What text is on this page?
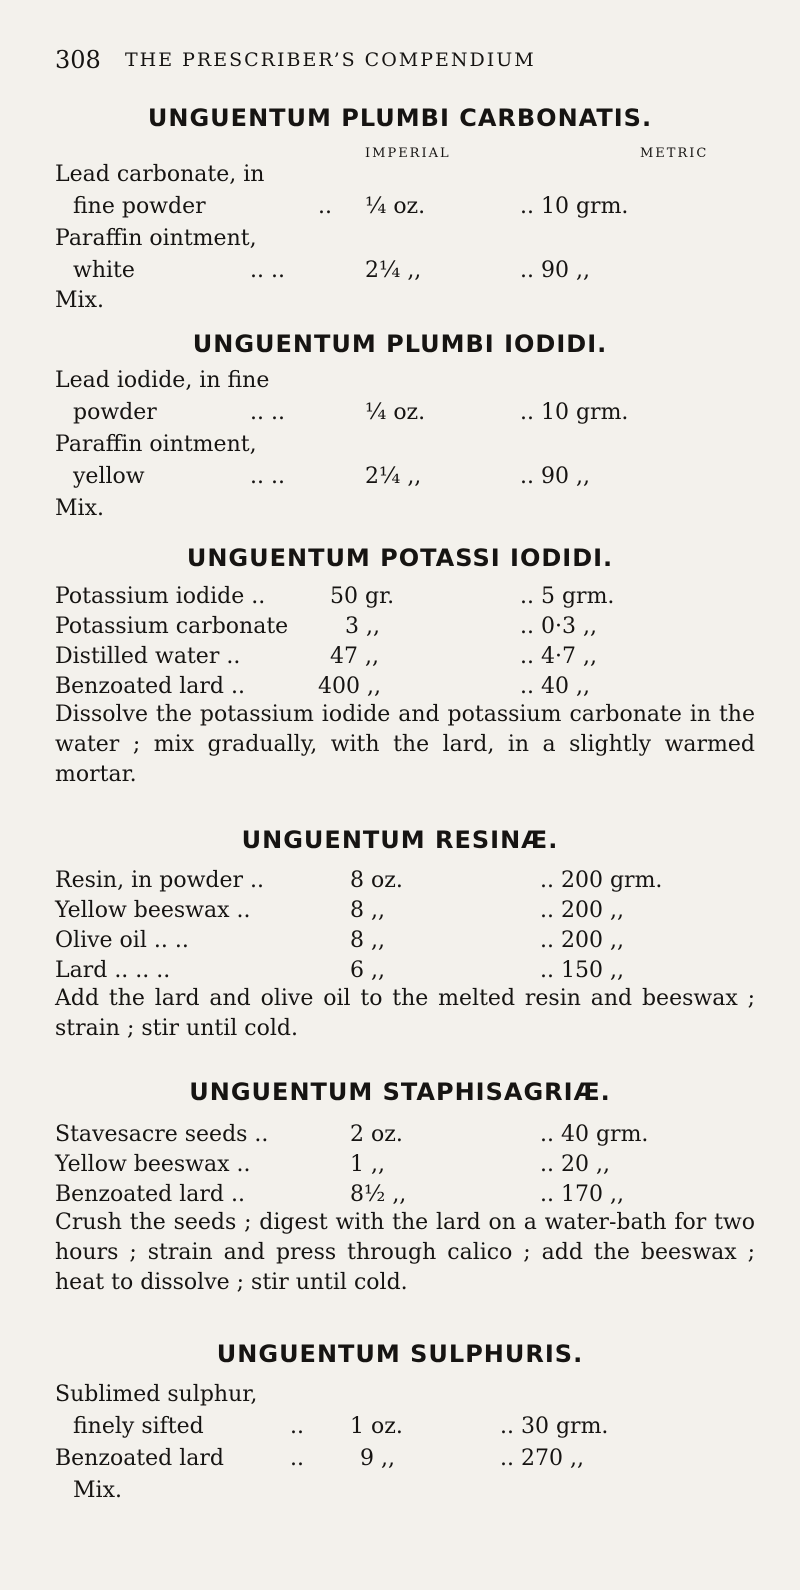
308 THE PRESCRIBER’S COMPENDIUM
UNGUENTUM PLUMBI CARBONATIS.
IMPERIAL	METRIC
Lead carbonate, in
fine powder	.. ¼ oz.	.. 10 grm.
Paraffin ointment,
white	.. ..	2¼ ,,	.. 90 ,,
Mix.
UNGUENTUM PLUMBI IODIDI.
Lead iodide, in fine
powder	.. ..	¼ oz.	.. 10 grm.
Paraffin ointment,
yellow	.. ..	2¼ ,,	.. 90 ,,
Mix.
UNGUENTUM POTASSI IODIDI.
Potassium iodide ..	50 gr.	.. 5 grm.
Potassium carbonate	3 ,,	.. 0·3 ,,
Distilled water ..	47 ,,	.. 4·7 ,,
Benzoated lard ..	400 ,,	.. 40 ,,
Dissolve the potassium iodide and potassium carbonate in the water ; mix gradually, with the lard, in a slightly warmed mortar.
UNGUENTUM RESINÆ.
Resin, in powder ..	8 oz.	.. 200 grm.
Yellow beeswax ..	8 ,,	.. 200 ,,
Olive oil .. ..	8 ,,	.. 200 ,,
Lard .. .. ..	6 ,,	.. 150 ,,
Add the lard and olive oil to the melted resin and beeswax ; strain ; stir until cold.
UNGUENTUM STAPHISAGRIÆ.
Stavesacre seeds ..	2 oz.	.. 40 grm.
Yellow beeswax ..	1 ,,	.. 20 ,,
Benzoated lard ..	8½ ,,	.. 170 ,,
Crush the seeds ; digest with the lard on a water-bath for two hours ; strain and press through calico ; add the beeswax ; heat to dissolve ; stir until cold.
UNGUENTUM SULPHURIS.
Sublimed sulphur,
finely sifted	.. 1 oz.	.. 30 grm.
Benzoated lard	..	9 ,,	.. 270 ,,
Mix.
